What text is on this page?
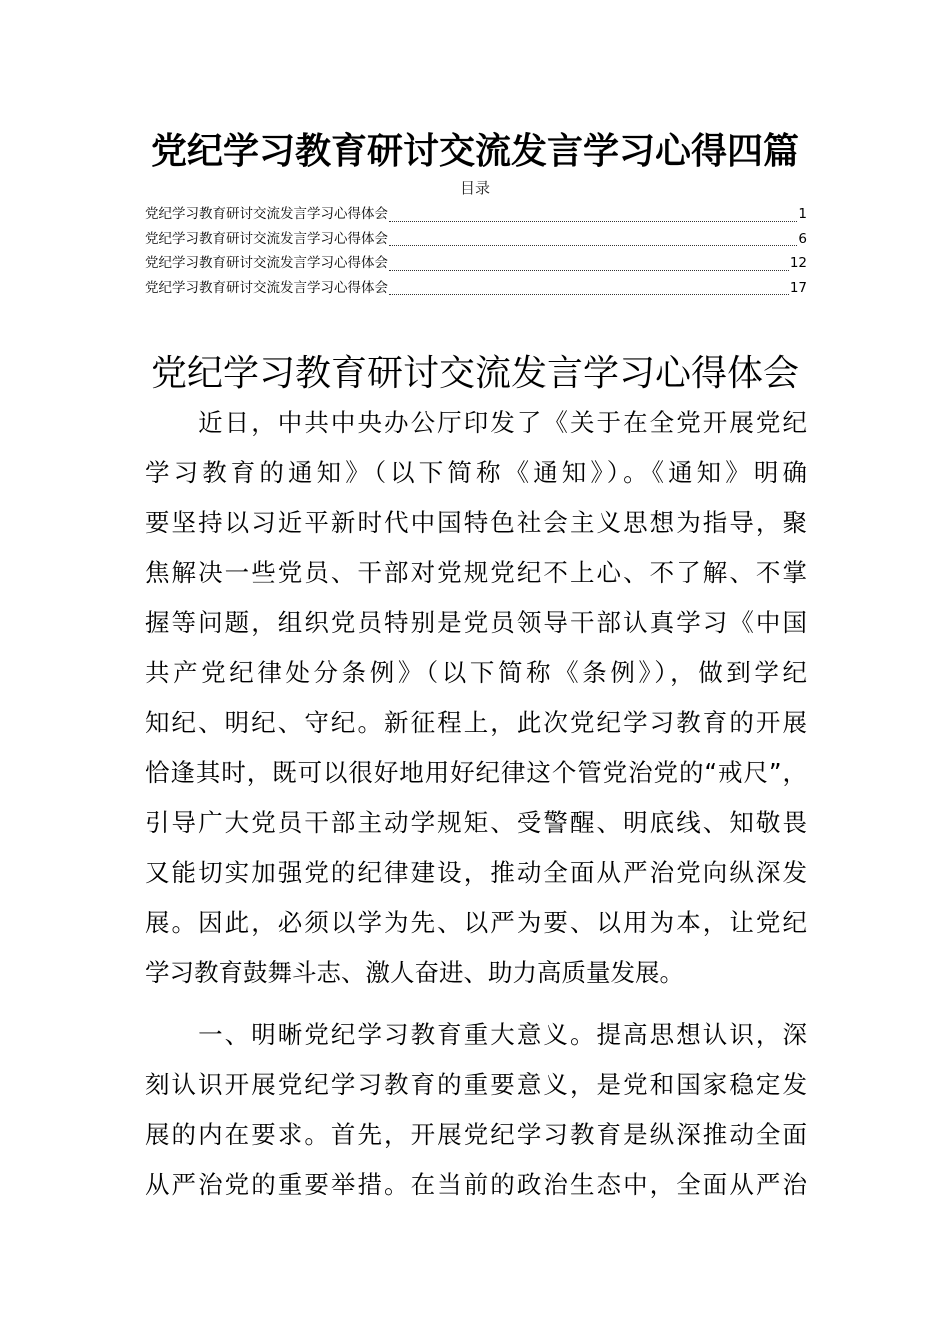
党纪学习教育研讨交流发言学习心得四篇
目录
党纪学习教育研讨交流发言学习心得体会	1
党纪学习教育研讨交流发言学习心得体会	6
党纪学习教育研讨交流发言学习心得体会	12
党纪学习教育研讨交流发言学习心得体会	17
党纪学习教育研讨交流发言学习心得体会
　　近日，中共中央办公厅印发了《关于在全党开展党纪
学习教育的通知》（以下简称《通知》）。《通知》明确
要坚持以习近平新时代中国特色社会主义思想为指导，聚
焦解决一些党员、干部对党规党纪不上心、不了解、不掌
握等问题，组织党员特别是党员领导干部认真学习《中国
共产党纪律处分条例》（以下简称《条例》），做到学纪
知纪、明纪、守纪。新征程上，此次党纪学习教育的开展
恰逢其时，既可以很好地用好纪律这个管党治党的“戒尺”，
引导广大党员干部主动学规矩、受警醒、明底线、知敬畏
又能切实加强党的纪律建设，推动全面从严治党向纵深发
展。因此，必须以学为先、以严为要、以用为本，让党纪
学习教育鼓舞斗志、激人奋进、助力高质量发展。
　　一、明晰党纪学习教育重大意义。提高思想认识，深
刻认识开展党纪学习教育的重要意义，是党和国家稳定发
展的内在要求。首先，开展党纪学习教育是纵深推动全面
从严治党的重要举措。在当前的政治生态中，全面从严治
